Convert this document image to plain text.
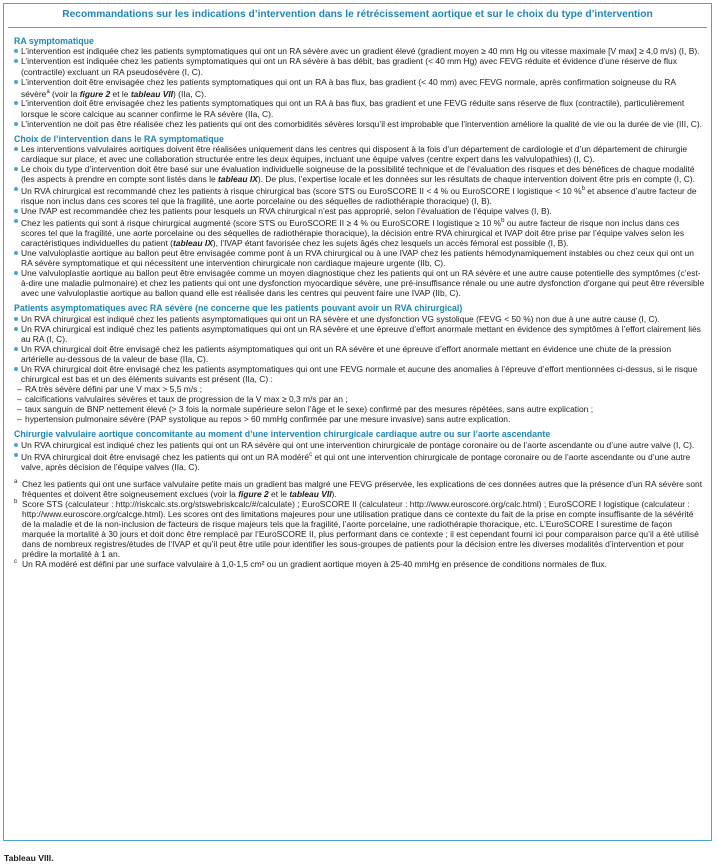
Recommandations sur les indications d’intervention dans le rétrécissement aortique et sur le choix du type d’intervention
RA symptomatique
L’intervention est indiquée chez les patients symptomatiques qui ont un RA sévère avec un gradient élevé (gradient moyen ≥ 40 mm Hg ou vitesse maximale [V max] ≥ 4,0 m/s) (I, B).
L’intervention est indiquée chez les patients symptomatiques qui ont un RA sévère à bas débit, bas gradient (< 40 mm Hg) avec FEVG réduite et évidence d’une réserve de flux (contractile) excluant un RA pseudosévère (I, C).
L’intervention doit être envisagée chez les patients symptomatiques qui ont un RA à bas flux, bas gradient (< 40 mm) avec FEVG normale, après confirmation soigneuse du RA sévère$^a$ (voir la figure 2 et le tableau VII) (IIa, C).
L’intervention doit être envisagée chez les patients symptomatiques qui ont un RA à bas flux, bas gradient et une FEVG réduite sans réserve de flux (contractile), particulièrement lorsque le score calcique au scanner confirme le RA sévère (IIa, C).
L’intervention ne doit pas être réalisée chez les patients qui ont des comorbidités sévères lorsqu’il est improbable que l’intervention améliore la qualité de vie ou la durée de vie (III, C).
Choix de l’intervention dans le RA symptomatique
Les interventions valvulaires aortiques doivent être réalisées uniquement dans les centres qui disposent à la fois d’un département de cardiologie et d’un département de chirurgie cardiaque sur place, et avec une collaboration structurée entre les deux équipes, incluant une équipe valves (centre expert dans les valvulopathies) (I, C).
Le choix du type d’intervention doit être basé sur une évaluation individuelle soigneuse de la possibilité technique et de l’évaluation des risques et des bénéfices de chaque modalité (les aspects à prendre en compte sont listés dans le tableau IX). De plus, l’expertise locale et les données sur les résultats de chaque intervention doivent être pris en compte (I, C).
Un RVA chirurgical est recommandé chez les patients à risque chirurgical bas (score STS ou EuroSCORE II < 4 % ou EuroSCORE I logistique < 10 %$^b$ et absence d’autre facteur de risque non inclus dans ces scores tel que la fragilité, une aorte porcelaine ou des séquelles de radiothérapie thoracique) (I, B).
Une IVAP est recommandée chez les patients pour lesquels un RVA chirurgical n’est pas approprié, selon l’évaluation de l’équipe valves (I, B).
Chez les patients qui sont à risque chirurgical augmenté (score STS ou EuroSCORE II ≥ 4 % ou EuroSCORE I logistique ≥ 10 %$^b$ ou autre facteur de risque non inclus dans ces scores tel que la fragilité, une aorte porcelaine ou des séquelles de radiothérapie thoracique), la décision entre RVA chirurgical et IVAP doit être prise par l’équipe valves selon les caractéristiques individuelles du patient (tableau IX), l’IVAP étant favorisée chez les sujets âgés chez lesquels un accès fémoral est possible (I, B).
Une valvuloplastie aortique au ballon peut être envisagée comme pont à un RVA chirurgical ou à une IVAP chez les patients hémodynamiquement instables ou chez ceux qui ont un RA sévère symptomatique et qui nécessitent une intervention chirurgicale non cardiaque majeure urgente (IIb, C).
Une valvuloplastie aortique au ballon peut être envisagée comme un moyen diagnostique chez les patients qui ont un RA sévère et une autre cause potentielle des symptômes (c’est-à-dire une maladie pulmonaire) et chez les patients qui ont une dysfonction myocardique sévère, une pré-insuffisance rénale ou une autre dysfonction d’organe qui peut être réversible avec une valvuloplastie aortique au ballon quand elle est réalisée dans les centres qui peuvent faire une IVAP (IIb, C).
Patients asymptomatiques avec RA sévère (ne concerne que les patients pouvant avoir un RVA chirurgical)
Un RVA chirurgical est indiqué chez les patients asymptomatiques qui ont un RA sévère et une dysfonction VG systolique (FEVG < 50 %) non due à une autre cause (I, C).
Un RVA chirurgical est indiqué chez les patients asymptomatiques qui ont un RA sévère et une épreuve d’effort anormale mettant en évidence des symptômes à l’effort clairement liés au RA (I, C).
Un RVA chirurgical doit être envisagé chez les patients asymptomatiques qui ont un RA sévère et une épreuve d’effort anormale mettant en évidence une chute de la pression artérielle au-dessous de la valeur de base (IIa, C).
Un RVA chirurgical doit être envisagé chez les patients asymptomatiques qui ont une FEVG normale et aucune des anomalies à l’épreuve d’effort mentionnées ci-dessus, si le risque chirurgical est bas et un des éléments suivants est présent (IIa, C) :
– RA très sévère défini par une V max > 5,5 m/s ;
– calcifications valvulaires sévères et taux de progression de la V max ≥ 0,3 m/s par an ;
– taux sanguin de BNP nettement élevé (> 3 fois la normale supérieure selon l’âge et le sexe) confirmé par des mesures répétées, sans autre explication ;
– hypertension pulmonaire sévère (PAP systolique au repos > 60 mmHg confirmée par une mesure invasive) sans autre explication.
Chirurgie valvulaire aortique concomitante au moment d’une intervention chirurgicale cardiaque autre ou sur l’aorte ascendante
Un RVA chirurgical est indiqué chez les patients qui ont un RA sévère qui ont une intervention chirurgicale de pontage coronaire ou de l’aorte ascendante ou d’une autre valve (I, C).
Un RVA chirurgical doit être envisagé chez les patients qui ont un RA modéré$^c$ et qui ont une intervention chirurgicale de pontage coronaire ou de l’aorte ascendante ou d’une autre valve, après décision de l’équipe valves (IIa, C).
a Chez les patients qui ont une surface valvulaire petite mais un gradient bas malgré une FEVG préservée, les explications de ces données autres que la présence d’un RA sévère sont fréquentes et doivent être soigneusement exclues (voir la figure 2 et le tableau VII).
b Score STS (calculateur : http://riskcalc.sts.org/stswebriskcalc/#/calculate) ; EuroSCORE II (calculateur : http://www.euroscore.org/calc.html) ; EuroSCORE I logistique (calculateur : http://www.euroscore.org/calcge.html). Les scores ont des limitations majeures pour une utilisation pratique dans ce contexte du fait de la prise en compte insuffisante de la sévérité de la maladie et de la non-inclusion de facteurs de risque majeurs tels que la fragilité, l’aorte porcelaine, une radiothérapie thoracique, etc. L’EuroSCORE I surestime de façon marquée la mortalité à 30 jours et doit donc être remplacé par l’EuroSCORE II, plus performant dans ce contexte ; il est cependant fourni ici pour comparaison parce qu’il a été utilisé dans de nombreux registres/études de l’IVAP et qu’il peut être utile pour identifier les sous-groupes de patients pour la décision entre les diverses modalités d’intervention et pour prédire la mortalité à 1 an.
c Un RA modéré est défini par une surface valvulaire à 1,0-1,5 cm² ou un gradient aortique moyen à 25-40 mmHg en présence de conditions normales de flux.
Tableau VIII.
